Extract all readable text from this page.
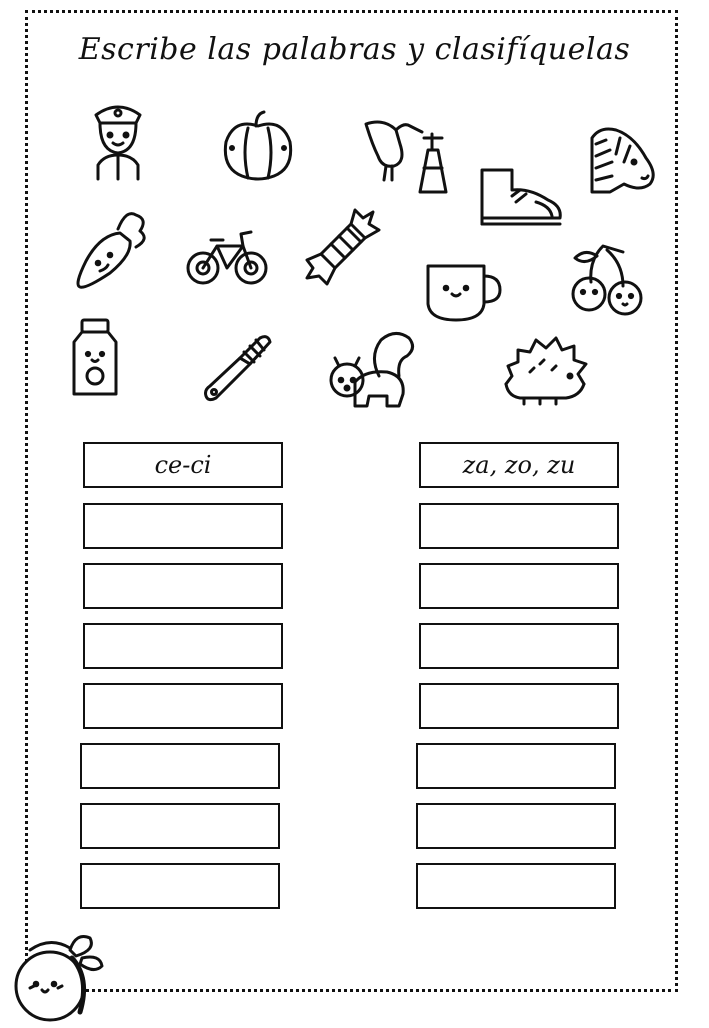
Escribe las palabras y clasifíquelas
ce-ci	za, zo, zu
